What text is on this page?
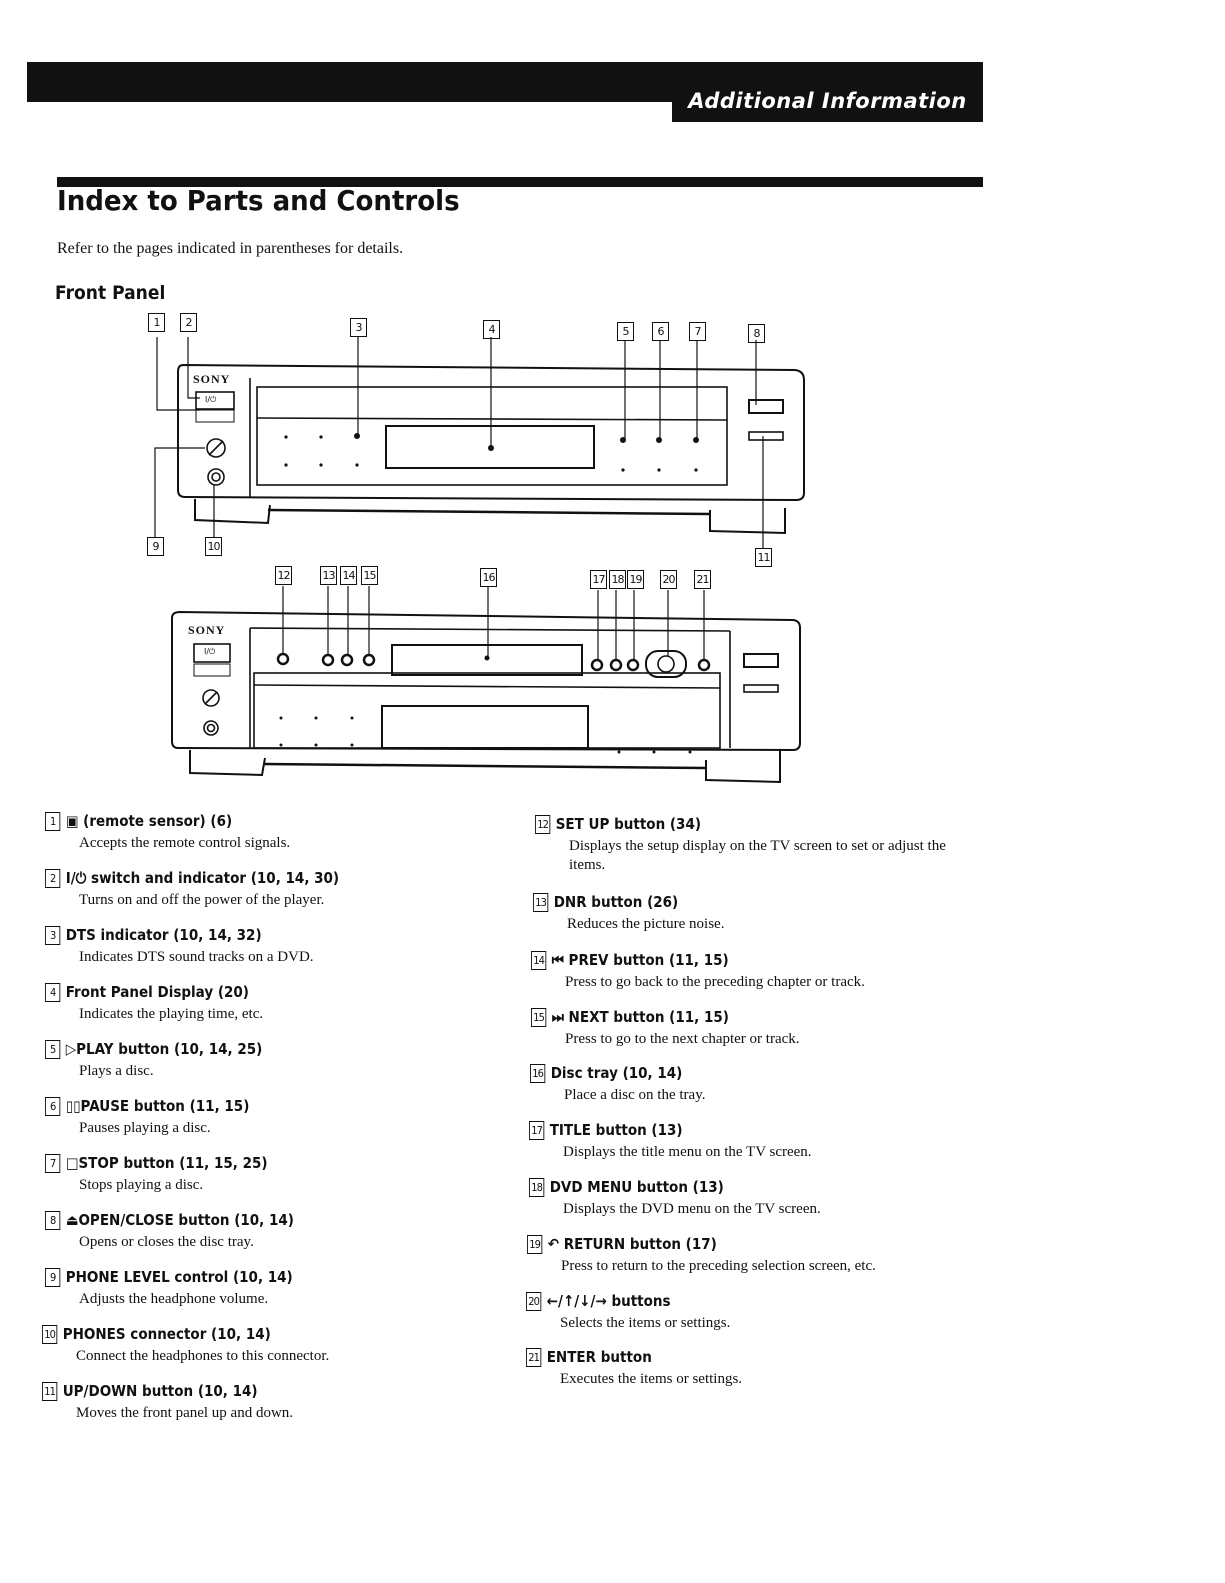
Additional Information
Index to Parts and Controls
Refer to the pages indicated in parentheses for details.
Front Panel
SONY
I/⏻
SONY
I/⏻
1	2	3	4	5	6	7	8
9	10
11
12	13 14 15	16	17 18 19 20 21
1 ▣ (remote sensor) (6)
Accepts the remote control signals.
2 I/⏻ switch and indicator (10, 14, 30)
Turns on and off the power of the player.
3 DTS indicator (10, 14, 32)
Indicates DTS sound tracks on a DVD.
4 Front Panel Display (20)
Indicates the playing time, etc.
5 ▷PLAY button (10, 14, 25)
Plays a disc.
6 ▯▯PAUSE button (11, 15)
Pauses playing a disc.
7 □STOP button (11, 15, 25)
Stops playing a disc.
8 ⏏OPEN/CLOSE button (10, 14)
Opens or closes the disc tray.
9 PHONE LEVEL control (10, 14)
Adjusts the headphone volume.
10 PHONES connector (10, 14)
Connect the headphones to this connector.
11 UP/DOWN button (10, 14)
Moves the front panel up and down.
12 SET UP button (34)
Displays the setup display on the TV screen to set or adjust the items.
13 DNR button (26)
Reduces the picture noise.
14 ⏮ PREV button (11, 15)
Press to go back to the preceding chapter or track.
15 ⏭ NEXT button (11, 15)
Press to go to the next chapter or track.
16 Disc tray (10, 14)
Place a disc on the tray.
17 TITLE button (13)
Displays the title menu on the TV screen.
18 DVD MENU button (13)
Displays the DVD menu on the TV screen.
19 ↶ RETURN button (17)
Press to return to the preceding selection screen, etc.
20 ←/↑/↓/→ buttons
Selects the items or settings.
21 ENTER button
Executes the items or settings.
